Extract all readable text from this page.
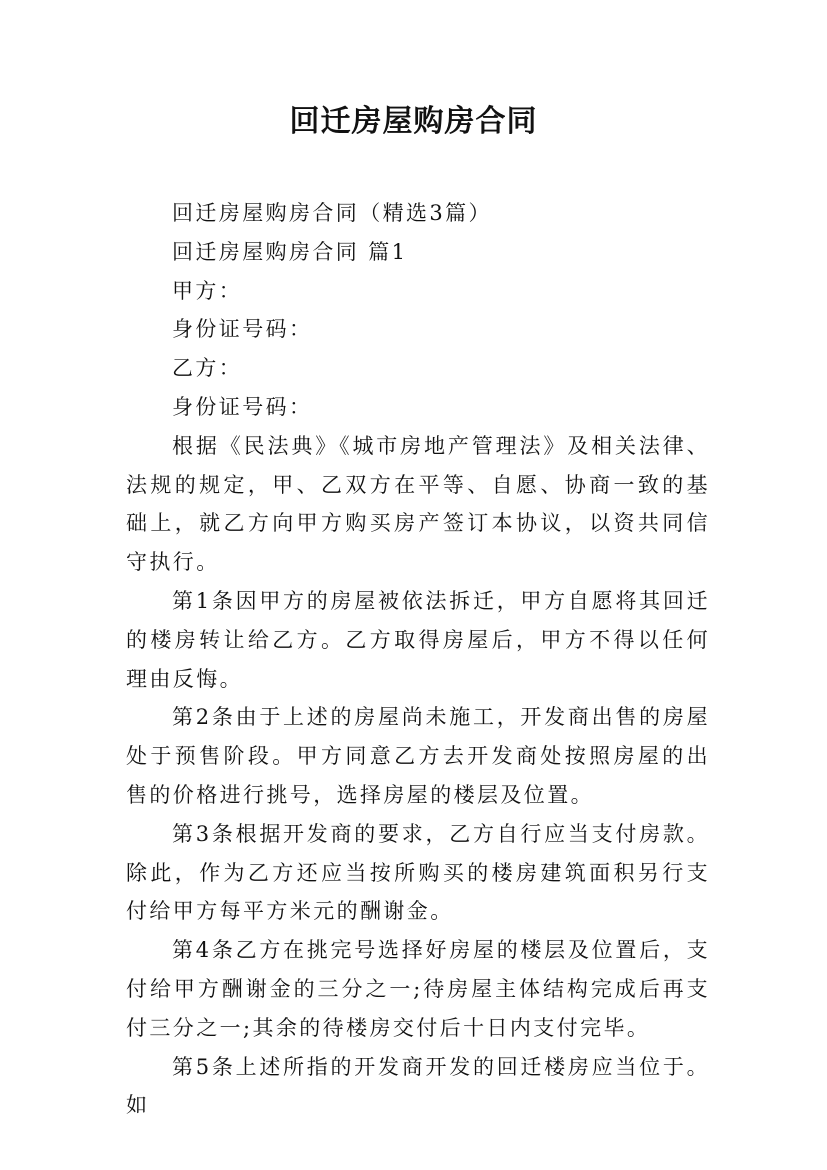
回迁房屋购房合同

回迁房屋购房合同（精选3篇）

回迁房屋购房合同 篇1

甲方：

身份证号码：

乙方：

身份证号码：

根据《民法典》《城市房地产管理法》及相关法律、法规的规定，甲、乙双方在平等、自愿、协商一致的基础上，就乙方向甲方购买房产签订本协议，以资共同信守执行。

第1条因甲方的房屋被依法拆迁，甲方自愿将其回迁的楼房转让给乙方。乙方取得房屋后，甲方不得以任何理由反悔。

第2条由于上述的房屋尚未施工，开发商出售的房屋处于预售阶段。甲方同意乙方去开发商处按照房屋的出售的价格进行挑号，选择房屋的楼层及位置。

第3条根据开发商的要求，乙方自行应当支付房款。除此，作为乙方还应当按所购买的楼房建筑面积另行支付给甲方每平方米元的酬谢金。

第4条乙方在挑完号选择好房屋的楼层及位置后，支付给甲方酬谢金的三分之一;待房屋主体结构完成后再支付三分之一;其余的待楼房交付后十日内支付完毕。

第5条上述所指的开发商开发的回迁楼房应当位于。如
